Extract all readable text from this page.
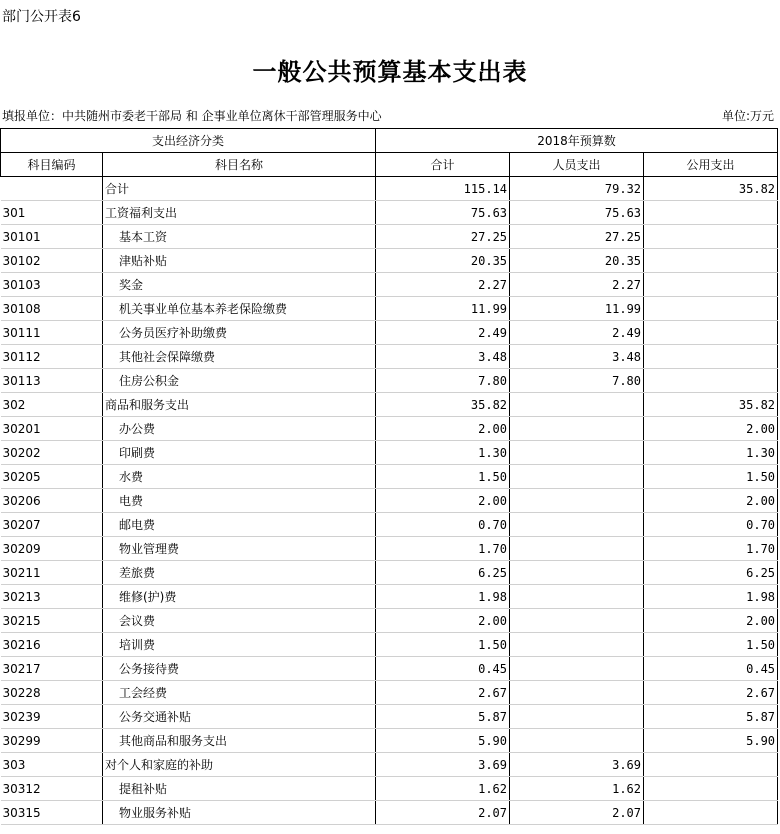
部门公开表6
一般公共预算基本支出表
填报单位：中共随州市委老干部局 和 企事业单位离休干部管理服务中心	单位:万元
支出经济分类		2018年预算数		
科目编码	科目名称	合计	人员支出	公用支出
	合计	115.14	79.32	35.82
301	工资福利支出	75.63	75.63	
30101	基本工资	27.25	27.25	
30102	津贴补贴	20.35	20.35	
30103	奖金	2.27	2.27	
30108	机关事业单位基本养老保险缴费	11.99	11.99	
30111	公务员医疗补助缴费	2.49	2.49	
30112	其他社会保障缴费	3.48	3.48	
30113	住房公积金	7.80	7.80	
302	商品和服务支出	35.82		35.82
30201	办公费	2.00		2.00
30202	印刷费	1.30		1.30
30205	水费	1.50		1.50
30206	电费	2.00		2.00
30207	邮电费	0.70		0.70
30209	物业管理费	1.70		1.70
30211	差旅费	6.25		6.25
30213	维修(护)费	1.98		1.98
30215	会议费	2.00		2.00
30216	培训费	1.50		1.50
30217	公务接待费	0.45		0.45
30228	工会经费	2.67		2.67
30239	公务交通补贴	5.87		5.87
30299	其他商品和服务支出	5.90		5.90
303	对个人和家庭的补助	3.69	3.69	
30312	提租补贴	1.62	1.62	
30315	物业服务补贴	2.07	2.07	
